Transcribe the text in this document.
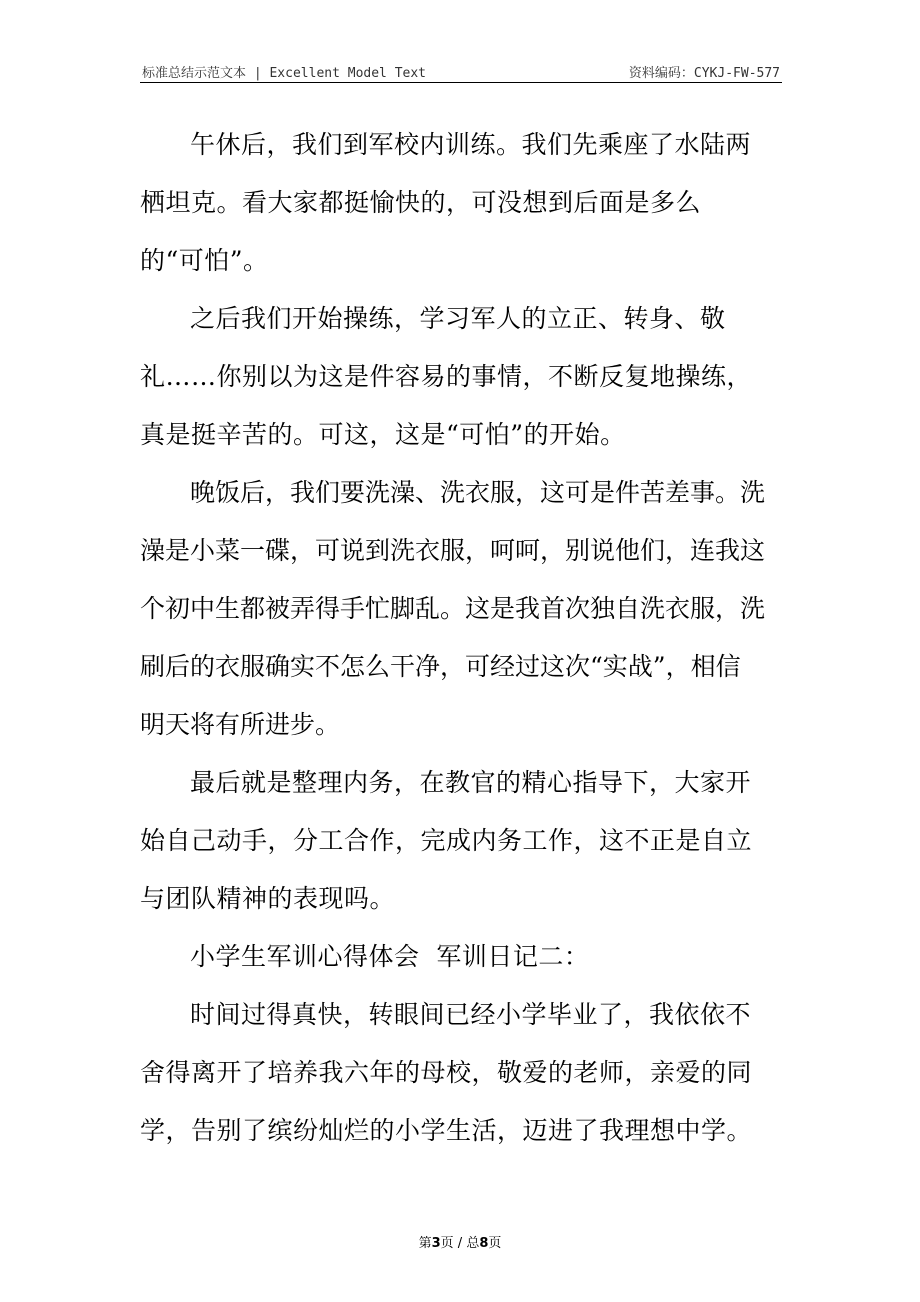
标准总结示范文本 | Excellent Model Text	资料编码：CYKJ-FW-577

午休后，我们到军校内训练。我们先乘座了水陆两栖坦克。看大家都挺愉快的，可没想到后面是多么的“可怕”。

之后我们开始操练，学习军人的立正、转身、敬礼……你别以为这是件容易的事情，不断反复地操练，真是挺辛苦的。可这，这是“可怕”的开始。

晚饭后，我们要洗澡、洗衣服，这可是件苦差事。洗澡是小菜一碟，可说到洗衣服，呵呵，别说他们，连我这个初中生都被弄得手忙脚乱。这是我首次独自洗衣服，洗刷后的衣服确实不怎么干净，可经过这次“实战”，相信明天将有所进步。

最后就是整理内务，在教官的精心指导下，大家开始自己动手，分工合作，完成内务工作，这不正是自立与团队精神的表现吗。

小学生军训心得体会  军训日记二：

时间过得真快，转眼间已经小学毕业了，我依依不舍得离开了培养我六年的母校，敬爱的老师，亲爱的同学，告别了缤纷灿烂的小学生活，迈进了我理想中学。

第3页 / 总8页
